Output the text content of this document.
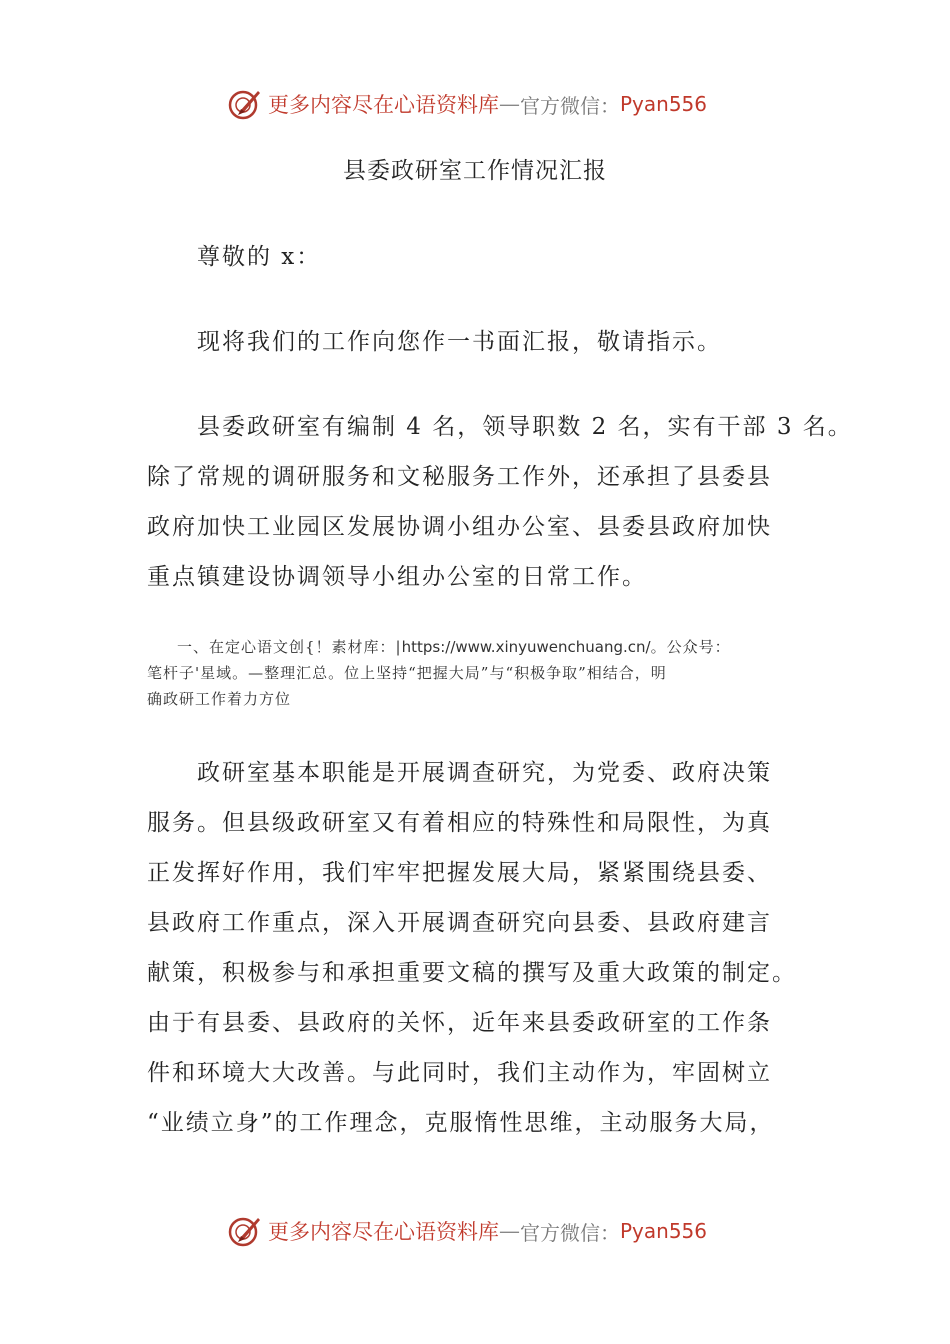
更多内容尽在心语资料库 — 官方微信： Pyan556
县委政研室工作情况汇报
尊敬的 x：
现将我们的工作向您作一书面汇报，敬请指示。
县委政研室有编制 4 名，领导职数 2 名，实有干部 3 名。
除了常规的调研服务和文秘服务工作外，还承担了县委县
政府加快工业园区发展协调小组办公室、县委县政府加快
重点镇建设协调领导小组办公室的日常工作。
一、在定心语文创{！素材库：|https://www.xinyuwenchuang.cn/。公众号：
笔杆子'星域。—整理汇总。位上坚持“把握大局”与“积极争取”相结合，明
确政研工作着力方位
政研室基本职能是开展调查研究，为党委、政府决策
服务。但县级政研室又有着相应的特殊性和局限性，为真
正发挥好作用，我们牢牢把握发展大局，紧紧围绕县委、
县政府工作重点，深入开展调查研究向县委、县政府建言
献策，积极参与和承担重要文稿的撰写及重大政策的制定。
由于有县委、县政府的关怀，近年来县委政研室的工作条
件和环境大大改善。与此同时，我们主动作为，牢固树立
“业绩立身”的工作理念，克服惰性思维，主动服务大局，
更多内容尽在心语资料库 — 官方微信： Pyan556
